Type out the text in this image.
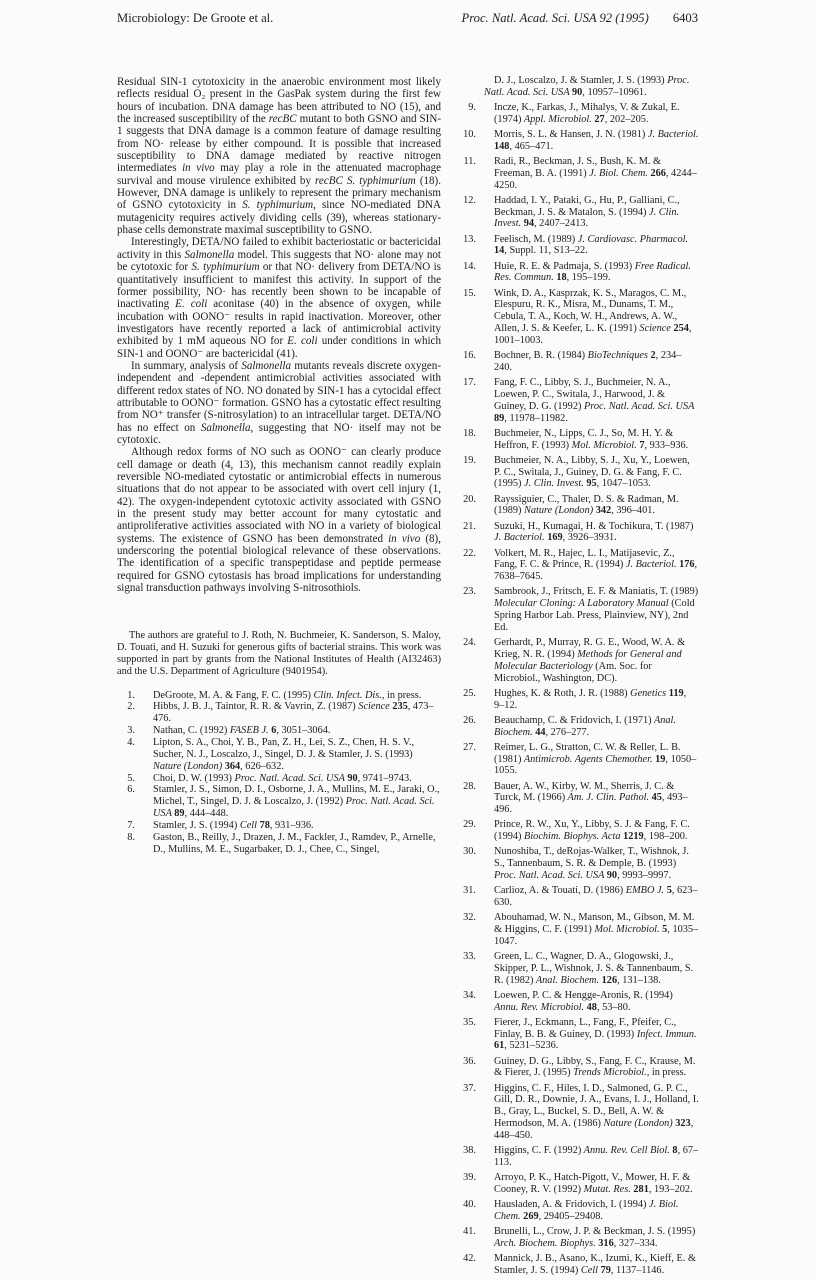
Microbiology: De Groote et al.	Proc. Natl. Acad. Sci. USA 92 (1995) 6403

Residual SIN-1 cytotoxicity in the anaerobic environment most likely reflects residual O₂ present in the GasPak system during the first few hours of incubation. DNA damage has been attributed to NO (15), and the increased susceptibility of the recBC mutant to both GSNO and SIN-1 suggests that DNA damage is a common feature of damage resulting from NO· release by either compound. It is possible that increased susceptibility to DNA damage mediated by reactive nitrogen intermediates in vivo may play a role in the attenuated macrophage survival and mouse virulence exhibited by recBC S. typhimurium (18). However, DNA damage is unlikely to represent the primary mechanism of GSNO cytotoxicity in S. typhimurium, since NO-mediated DNA mutagenicity requires actively dividing cells (39), whereas stationary-phase cells demonstrate maximal susceptibility to GSNO.

Interestingly, DETA/NO failed to exhibit bacteriostatic or bactericidal activity in this Salmonella model. This suggests that NO· alone may not be cytotoxic for S. typhimurium or that NO· delivery from DETA/NO is quantitatively insufficient to manifest this activity. In support of the former possibility, NO· has recently been shown to be incapable of inactivating E. coli aconitase (40) in the absence of oxygen, while incubation with OONO⁻ results in rapid inactivation. Moreover, other investigators have recently reported a lack of antimicrobial activity exhibited by 1 mM aqueous NO for E. coli under conditions in which SIN-1 and OONO⁻ are bactericidal (41).

In summary, analysis of Salmonella mutants reveals discrete oxygen-independent and -dependent antimicrobial activities associated with different redox states of NO. NO donated by SIN-1 has a cytocidal effect attributable to OONO⁻ formation. GSNO has a cytostatic effect resulting from NO⁺ transfer (S-nitrosylation) to an intracellular target. DETA/NO has no effect on Salmonella, suggesting that NO· itself may not be cytotoxic.

Although redox forms of NO such as OONO⁻ can clearly produce cell damage or death (4, 13), this mechanism cannot readily explain reversible NO-mediated cytostatic or antimicrobial effects in numerous situations that do not appear to be associated with overt cell injury (1, 42). The oxygen-independent cytotoxic activity associated with GSNO in the present study may better account for many cytostatic and antiproliferative activities associated with NO in a variety of biological systems. The existence of GSNO has been demonstrated in vivo (8), underscoring the potential biological relevance of these observations. The identification of a specific transpeptidase and peptide permease required for GSNO cytostasis has broad implications for understanding signal transduction pathways involving S-nitrosothiols.

The authors are grateful to J. Roth, N. Buchmeier, K. Sanderson, S. Maloy, D. Touati, and H. Suzuki for generous gifts of bacterial strains. This work was supported in part by grants from the National Institutes of Health (AI32463) and the U.S. Department of Agriculture (9401954).

1. DeGroote, M. A. & Fang, F. C. (1995) Clin. Infect. Dis., in press.
2. Hibbs, J. B. J., Taintor, R. R. & Vavrin, Z. (1987) Science 235, 473–476.
3. Nathan, C. (1992) FASEB J. 6, 3051–3064.
4. Lipton, S. A., Choi, Y. B., Pan, Z. H., Lei, S. Z., Chen, H. S. V., Sucher, N. J., Loscalzo, J., Singel, D. J. & Stamler, J. S. (1993) Nature (London) 364, 626–632.
5. Choi, D. W. (1993) Proc. Natl. Acad. Sci. USA 90, 9741–9743.
6. Stamler, J. S., Simon, D. I., Osborne, J. A., Mullins, M. E., Jaraki, O., Michel, T., Singel, D. J. & Loscalzo, J. (1992) Proc. Natl. Acad. Sci. USA 89, 444–448.
7. Stamler, J. S. (1994) Cell 78, 931–936.
8. Gaston, B., Reilly, J., Drazen, J. M., Fackler, J., Ramdev, P., Arnelle, D., Mullins, M. E., Sugarbaker, D. J., Chee, C., Singel,
D. J., Loscalzo, J. & Stamler, J. S. (1993) Proc. Natl. Acad. Sci. USA 90, 10957–10961.
9. Incze, K., Farkas, J., Mihalys, V. & Zukal, E. (1974) Appl. Microbiol. 27, 202–205.
10. Morris, S. L. & Hansen, J. N. (1981) J. Bacteriol. 148, 465–471.
11. Radi, R., Beckman, J. S., Bush, K. M. & Freeman, B. A. (1991) J. Biol. Chem. 266, 4244–4250.
12. Haddad, I. Y., Pataki, G., Hu, P., Galliani, C., Beckman, J. S. & Matalon, S. (1994) J. Clin. Invest. 94, 2407–2413.
13. Feelisch, M. (1989) J. Cardiovasc. Pharmacol. 14, Suppl. 11, S13–22.
14. Huie, R. E. & Padmaja, S. (1993) Free Radical. Res. Commun. 18, 195–199.
15. Wink, D. A., Kasprzak, K. S., Maragos, C. M., Elespuru, R. K., Misra, M., Dunams, T. M., Cebula, T. A., Koch, W. H., Andrews, A. W., Allen, J. S. & Keefer, L. K. (1991) Science 254, 1001–1003.
16. Bochner, B. R. (1984) BioTechniques 2, 234–240.
17. Fang, F. C., Libby, S. J., Buchmeier, N. A., Loewen, P. C., Switala, J., Harwood, J. & Guiney, D. G. (1992) Proc. Natl. Acad. Sci. USA 89, 11978–11982.
18. Buchmeier, N., Lipps, C. J., So, M. H. Y. & Heffron, F. (1993) Mol. Microbiol. 7, 933–936.
19. Buchmeier, N. A., Libby, S. J., Xu, Y., Loewen, P. C., Switala, J., Guiney, D. G. & Fang, F. C. (1995) J. Clin. Invest. 95, 1047–1053.
20. Rayssiguier, C., Thaler, D. S. & Radman, M. (1989) Nature (London) 342, 396–401.
21. Suzuki, H., Kumagai, H. & Tochikura, T. (1987) J. Bacteriol. 169, 3926–3931.
22. Volkert, M. R., Hajec, L. I., Matijasevic, Z., Fang, F. C. & Prince, R. (1994) J. Bacteriol. 176, 7638–7645.
23. Sambrook, J., Fritsch, E. F. & Maniatis, T. (1989) Molecular Cloning: A Laboratory Manual (Cold Spring Harbor Lab. Press, Plainview, NY), 2nd Ed.
24. Gerhardt, P., Murray, R. G. E., Wood, W. A. & Krieg, N. R. (1994) Methods for General and Molecular Bacteriology (Am. Soc. for Microbiol., Washington, DC).
25. Hughes, K. & Roth, J. R. (1988) Genetics 119, 9–12.
26. Beauchamp, C. & Fridovich, I. (1971) Anal. Biochem. 44, 276–277.
27. Reimer, L. G., Stratton, C. W. & Reller, L. B. (1981) Antimicrob. Agents Chemother. 19, 1050–1055.
28. Bauer, A. W., Kirby, W. M., Sherris, J. C. & Turck, M. (1966) Am. J. Clin. Pathol. 45, 493–496.
29. Prince, R. W., Xu, Y., Libby, S. J. & Fang, F. C. (1994) Biochim. Biophys. Acta 1219, 198–200.
30. Nunoshiba, T., deRojas-Walker, T., Wishnok, J. S., Tannenbaum, S. R. & Demple, B. (1993) Proc. Natl. Acad. Sci. USA 90, 9993–9997.
31. Carlioz, A. & Touati, D. (1986) EMBO J. 5, 623–630.
32. Abouhamad, W. N., Manson, M., Gibson, M. M. & Higgins, C. F. (1991) Mol. Microbiol. 5, 1035–1047.
33. Green, L. C., Wagner, D. A., Glogowski, J., Skipper, P. L., Wishnok, J. S. & Tannenbaum, S. R. (1982) Anal. Biochem. 126, 131–138.
34. Loewen, P. C. & Hengge-Aronis, R. (1994) Annu. Rev. Microbiol. 48, 53–80.
35. Fierer, J., Eckmann, L., Fang, F., Pfeifer, C., Finlay, B. B. & Guiney, D. (1993) Infect. Immun. 61, 5231–5236.
36. Guiney, D. G., Libby, S., Fang, F. C., Krause, M. & Fierer, J. (1995) Trends Microbiol., in press.
37. Higgins, C. F., Hiles, I. D., Salmoned, G. P. C., Gill, D. R., Downie, J. A., Evans, I. J., Holland, I. B., Gray, L., Buckel, S. D., Bell, A. W. & Hermodson, M. A. (1986) Nature (London) 323, 448–450.
38. Higgins, C. F. (1992) Annu. Rev. Cell Biol. 8, 67–113.
39. Arroyo, P. K., Hatch-Pigott, V., Mower, H. F. & Cooney, R. V. (1992) Mutat. Res. 281, 193–202.
40. Hausladen, A. & Fridovich, I. (1994) J. Biol. Chem. 269, 29405–29408.
41. Brunelli, L., Crow, J. P. & Beckman, J. S. (1995) Arch. Biochem. Biophys. 316, 327–334.
42. Mannick, J. B., Asano, K., Izumi, K., Kieff, E. & Stamler, J. S. (1994) Cell 79, 1137–1146.
